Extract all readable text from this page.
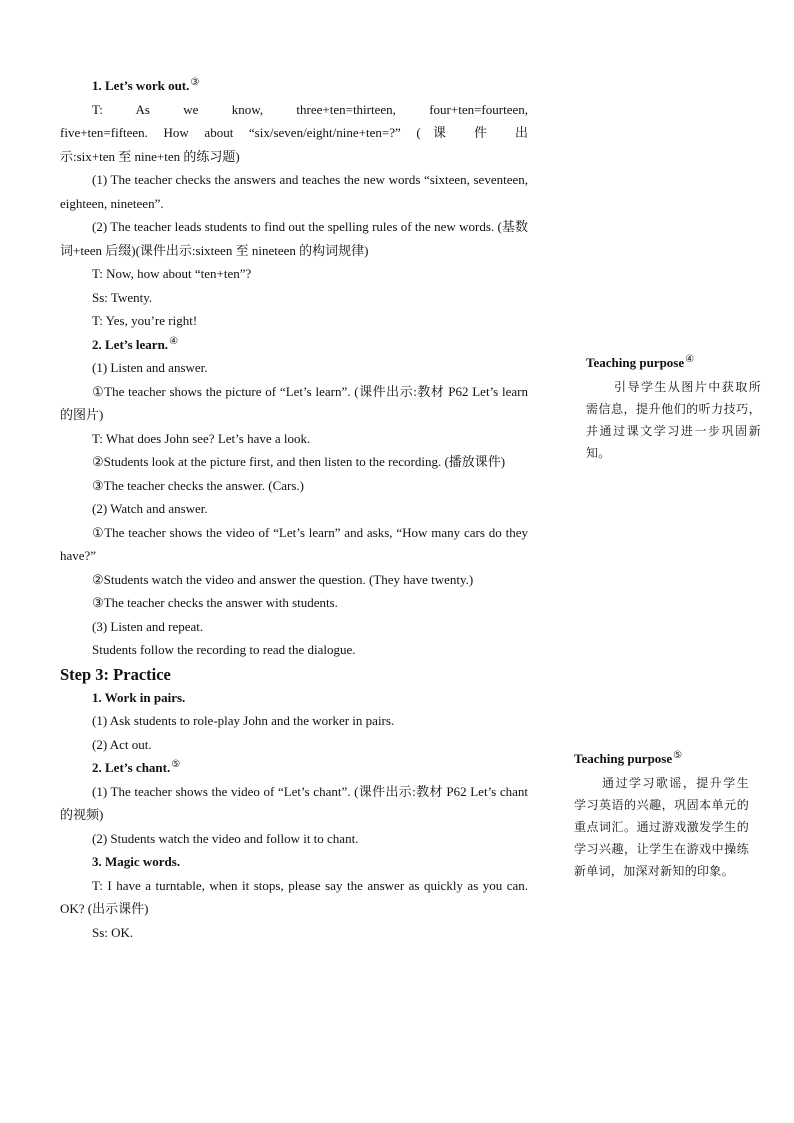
1. Let’s work out.③

T: As we know, three+ten=thirteen, four+ten=fourteen,

five+ten=fifteen. How about “six/seven/eight/nine+ten=?” (课 件 出

示:six+ten 至 nine+ten 的练习题)

(1) The teacher checks the answers and teaches the new words “sixteen, seventeen, eighteen, nineteen”.

(2) The teacher leads students to find out the spelling rules of the new words. (基数词+teen 后缀)(课件出示:sixteen 至 nineteen 的构词规律)

T: Now, how about “ten+ten”?

Ss: Twenty.

T: Yes, you’re right!

2. Let’s learn.④

(1) Listen and answer.

①The teacher shows the picture of “Let’s learn”. (课件出示:教材 P62 Let’s learn 的图片)

T: What does John see? Let’s have a look.

②Students look at the picture first, and then listen to the recording. (播放课件)

③The teacher checks the answer. (Cars.)

(2) Watch and answer.

①The teacher shows the video of “Let’s learn” and asks, “How many cars do they have?”

②Students watch the video and answer the question. (They have twenty.)

③The teacher checks the answer with students.

(3) Listen and repeat.

Students follow the recording to read the dialogue.

Step 3: Practice

1. Work in pairs.

(1) Ask students to role-play John and the worker in pairs.

(2) Act out.

2. Let’s chant.⑤

(1) The teacher shows the video of “Let’s chant”. (课件出示:教材 P62 Let’s chant 的视频)

(2) Students watch the video and follow it to chant.

3. Magic words.

T: I have a turntable, when it stops, please say the answer as quickly as you can. OK? (出示课件)

Ss: OK.

Teaching purpose④

引导学生从图片中获取所需信息，提升他们的听力技巧，并通过课文学习进一步巩固新知。

Teaching purpose⑤

通过学习歌谣，提升学生学习英语的兴趣，巩固本单元的重点词汇。通过游戏激发学生的学习兴趣，让学生在游戏中操练新单词，加深对新知的印象。
